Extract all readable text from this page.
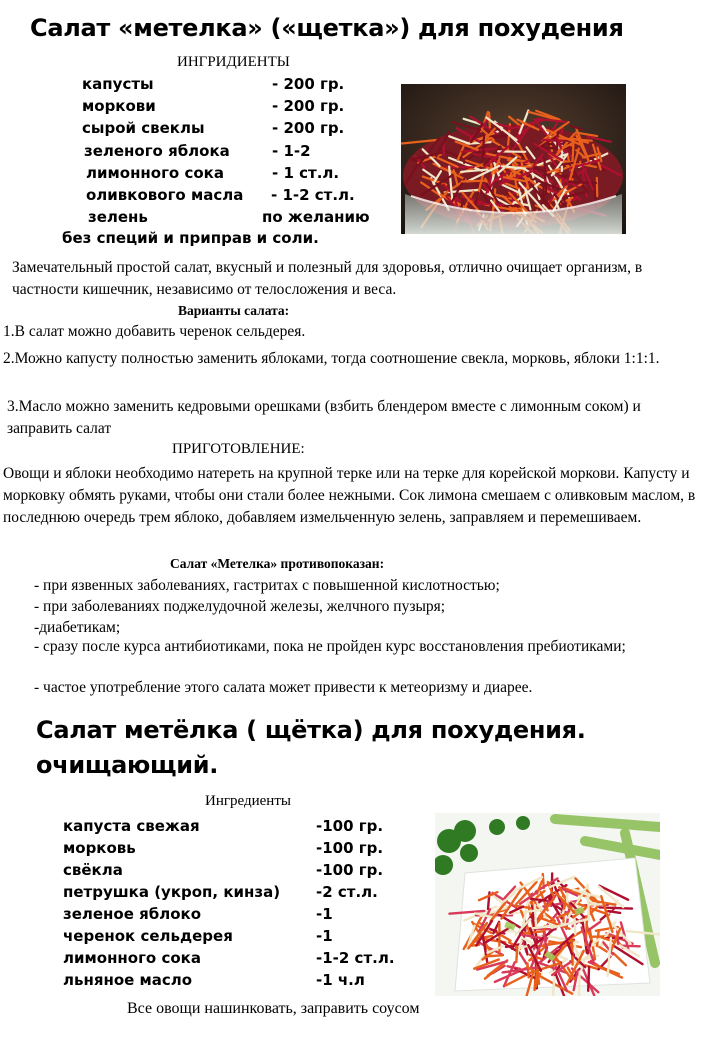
Салат «метелка» («щетка») для похудения
ИНГРИДИЕНТЫ
капусты	- 200 гр.
моркови	- 200 гр.
сырой свеклы	- 200 гр.
зеленого яблока	- 1-2
лимонного сока	- 1 ст.л.
оливкового масла - 1-2 ст.л.
зелень	по желанию
без специй и приправ и соли.

Замечательный простой салат, вкусный и полезный для здоровья, отлично очищает организм, в частности кишечник, независимо от телосложения и веса.

Варианты салата:

1.В салат можно добавить черенок сельдерея.

2.Можно капусту полностью заменить яблоками, тогда соотношение свекла, морковь, яблоки 1:1:1.

3.Масло можно заменить кедровыми орешками (взбить блендером вместе с лимонным соком) и заправить салат

ПРИГОТОВЛЕНИЕ:

Овощи и яблоки необходимо натереть на крупной терке или на терке для корейской моркови. Капусту и морковку обмять руками, чтобы они стали более нежными. Сок лимона смешаем с оливковым маслом, в последнюю очередь трем яблоко, добавляем измельченную зелень, заправляем и перемешиваем.

Салат «Метелка» противопоказан:
- при язвенных заболеваниях, гастритах с повышенной кислотностью;
- при заболеваниях поджелудочной железы, желчного пузыря;
-диабетикам;

- сразу после курса антибиотиками, пока не пройден курс восстановления пребиотиками;

- частое употребление этого салата может привести к метеоризму и диарее.
Салат метёлка ( щётка) для похудения.
очищающий.
Ингредиенты
капуста свежая	-100 гр.
морковь	-100 гр.
свёкла	-100 гр.
петрушка (укроп, кинза) -2 ст.л.
зеленое яблоко	-1
черенок сельдерея	-1
лимонного сока	-1-2 ст.л.
льняное масло	-1 ч.л
Все овощи нашинковать, заправить соусом
